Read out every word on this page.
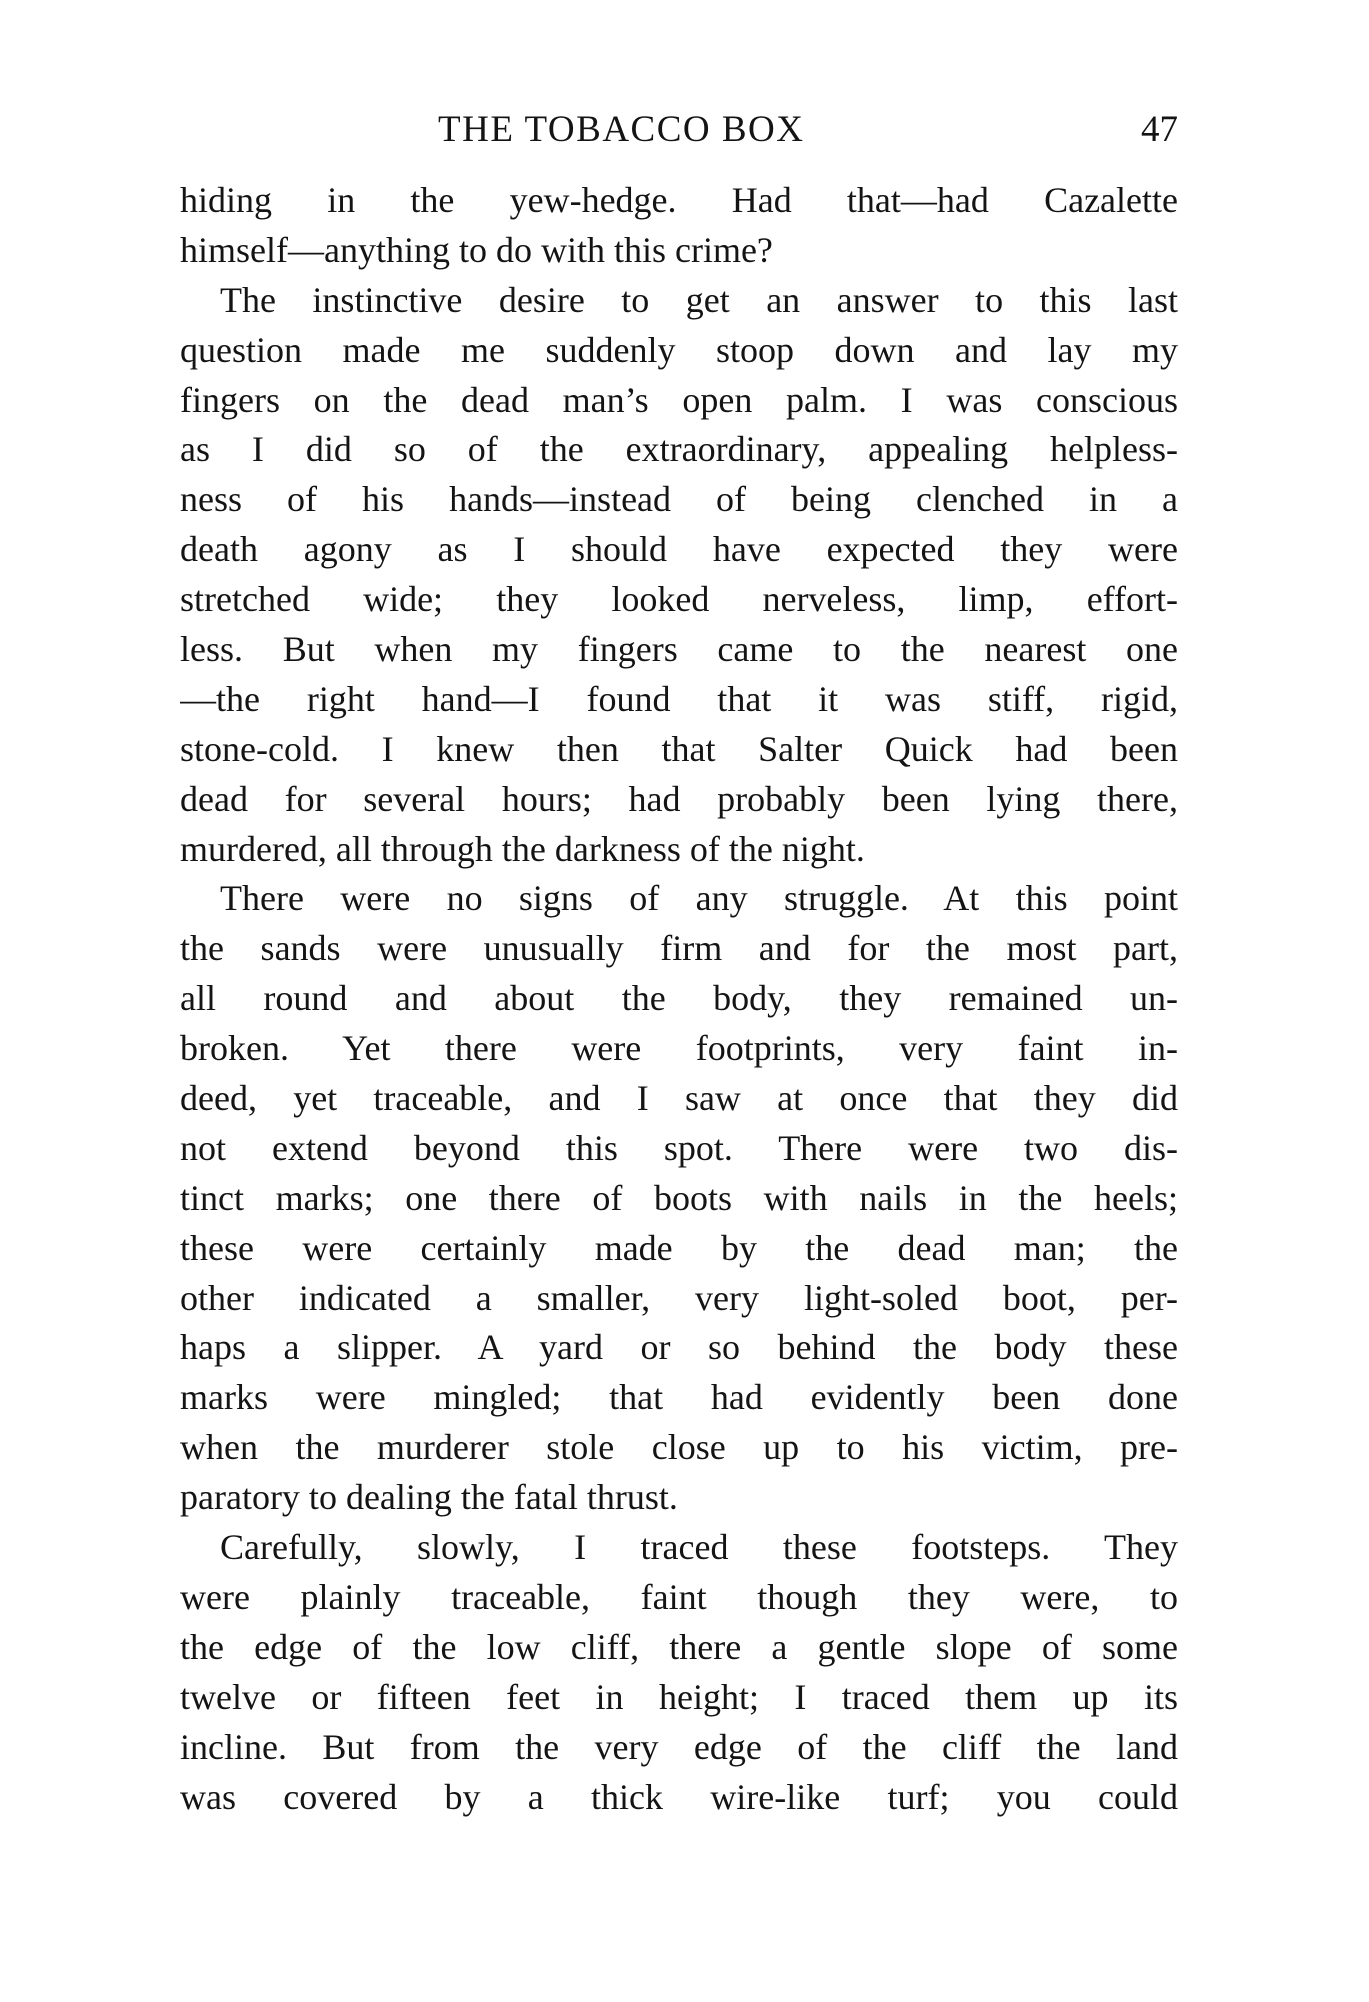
THE TOBACCO BOX	47
hiding in the yew-hedge. Had that—had Cazalette
himself—anything to do with this crime?
The instinctive desire to get an answer to this last
question made me suddenly stoop down and lay my
fingers on the dead man’s open palm. I was conscious
as I did so of the extraordinary, appealing helpless-
ness of his hands—instead of being clenched in a
death agony as I should have expected they were
stretched wide; they looked nerveless, limp, effort-
less. But when my fingers came to the nearest one
—the right hand—I found that it was stiff, rigid,
stone-cold. I knew then that Salter Quick had been
dead for several hours; had probably been lying there,
murdered, all through the darkness of the night.
There were no signs of any struggle. At this point
the sands were unusually firm and for the most part,
all round and about the body, they remained un-
broken. Yet there were footprints, very faint in-
deed, yet traceable, and I saw at once that they did
not extend beyond this spot. There were two dis-
tinct marks; one there of boots with nails in the heels;
these were certainly made by the dead man; the
other indicated a smaller, very light-soled boot, per-
haps a slipper. A yard or so behind the body these
marks were mingled; that had evidently been done
when the murderer stole close up to his victim, pre-
paratory to dealing the fatal thrust.
Carefully, slowly, I traced these footsteps. They
were plainly traceable, faint though they were, to
the edge of the low cliff, there a gentle slope of some
twelve or fifteen feet in height; I traced them up its
incline. But from the very edge of the cliff the land
was covered by a thick wire-like turf; you could
